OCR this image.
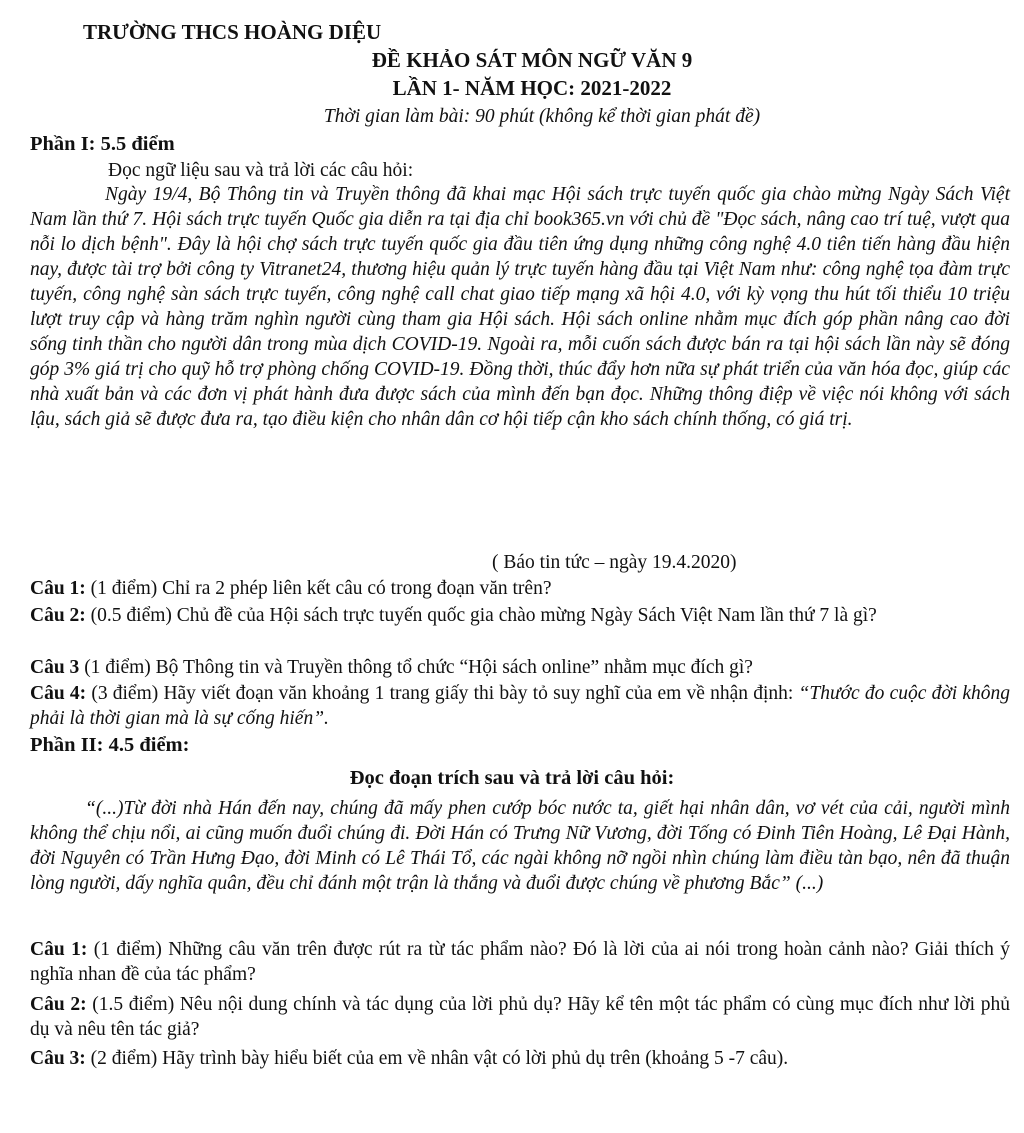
TRƯỜNG THCS HOÀNG DIỆU
ĐỀ KHẢO SÁT MÔN NGỮ VĂN 9
LẦN 1- NĂM HỌC: 2021-2022
Thời gian làm bài: 90 phút (không kể thời gian phát đề)
Phần I: 5.5 điểm
Đọc ngữ liệu sau và trả lời các câu hỏi:
Ngày 19/4, Bộ Thông tin và Truyền thông đã khai mạc Hội sách trực tuyến quốc gia chào mừng Ngày Sách Việt Nam lần thứ 7. Hội sách trực tuyến Quốc gia diễn ra tại địa chỉ book365.vn với chủ đề "Đọc sách, nâng cao trí tuệ, vượt qua nỗi lo dịch bệnh". Đây là hội chợ sách trực tuyến quốc gia đầu tiên ứng dụng những công nghệ 4.0 tiên tiến hàng đầu hiện nay, được tài trợ bởi công ty Vitranet24, thương hiệu quản lý trực tuyến hàng đầu tại Việt Nam như: công nghệ tọa đàm trực tuyến, công nghệ sàn sách trực tuyến, công nghệ call chat giao tiếp mạng xã hội 4.0, với kỳ vọng thu hút tối thiểu 10 triệu lượt truy cập và hàng trăm nghìn người cùng tham gia Hội sách. Hội sách online nhằm mục đích góp phần nâng cao đời sống tinh thần cho người dân trong mùa dịch COVID-19. Ngoài ra, mỗi cuốn sách được bán ra tại hội sách lần này sẽ đóng góp 3% giá trị cho quỹ hỗ trợ phòng chống COVID-19. Đồng thời, thúc đẩy hơn nữa sự phát triển của văn hóa đọc, giúp các nhà xuất bản và các đơn vị phát hành đưa được sách của mình đến bạn đọc. Những thông điệp về việc nói không với sách lậu, sách giả sẽ được đưa ra, tạo điều kiện cho nhân dân cơ hội tiếp cận kho sách chính thống, có giá trị.
( Báo tin tức – ngày 19.4.2020)
Câu 1: (1 điểm) Chỉ ra 2 phép liên kết câu có trong đoạn văn trên?
Câu 2: (0.5 điểm) Chủ đề của Hội sách trực tuyến quốc gia chào mừng Ngày Sách Việt Nam lần thứ 7 là gì?
Câu 3 (1 điểm) Bộ Thông tin và Truyền thông tổ chức “Hội sách online” nhằm mục đích gì?
Câu 4: (3 điểm) Hãy viết đoạn văn khoảng 1 trang giấy thi bày tỏ suy nghĩ của em về nhận định: “Thước đo cuộc đời không phải là thời gian mà là sự cống hiến”.
Phần II: 4.5 điểm:
Đọc đoạn trích sau và trả lời câu hỏi:
“(...)Từ đời nhà Hán đến nay, chúng đã mấy phen cướp bóc nước ta, giết hại nhân dân, vơ vét của cải, người mình không thể chịu nổi, ai cũng muốn đuổi chúng đi. Đời Hán có Trưng Nữ Vương, đời Tống có Đinh Tiên Hoàng, Lê Đại Hành, đời Nguyên có Trần Hưng Đạo, đời Minh có Lê Thái Tổ, các ngài không nỡ ngồi nhìn chúng làm điều tàn bạo, nên đã thuận lòng người, dấy nghĩa quân, đều chỉ đánh một trận là thắng và đuổi được chúng về phương Bắc” (...)
Câu 1: (1 điểm) Những câu văn trên được rút ra từ tác phẩm nào? Đó là lời của ai nói trong hoàn cảnh nào? Giải thích ý nghĩa nhan đề của tác phẩm?
Câu 2: (1.5 điểm) Nêu nội dung chính và tác dụng của lời phủ dụ? Hãy kể tên một tác phẩm có cùng mục đích như lời phủ dụ và nêu tên tác giả?
Câu 3: (2 điểm) Hãy trình bày hiểu biết của em về nhân vật có lời phủ dụ trên (khoảng 5 -7 câu).
